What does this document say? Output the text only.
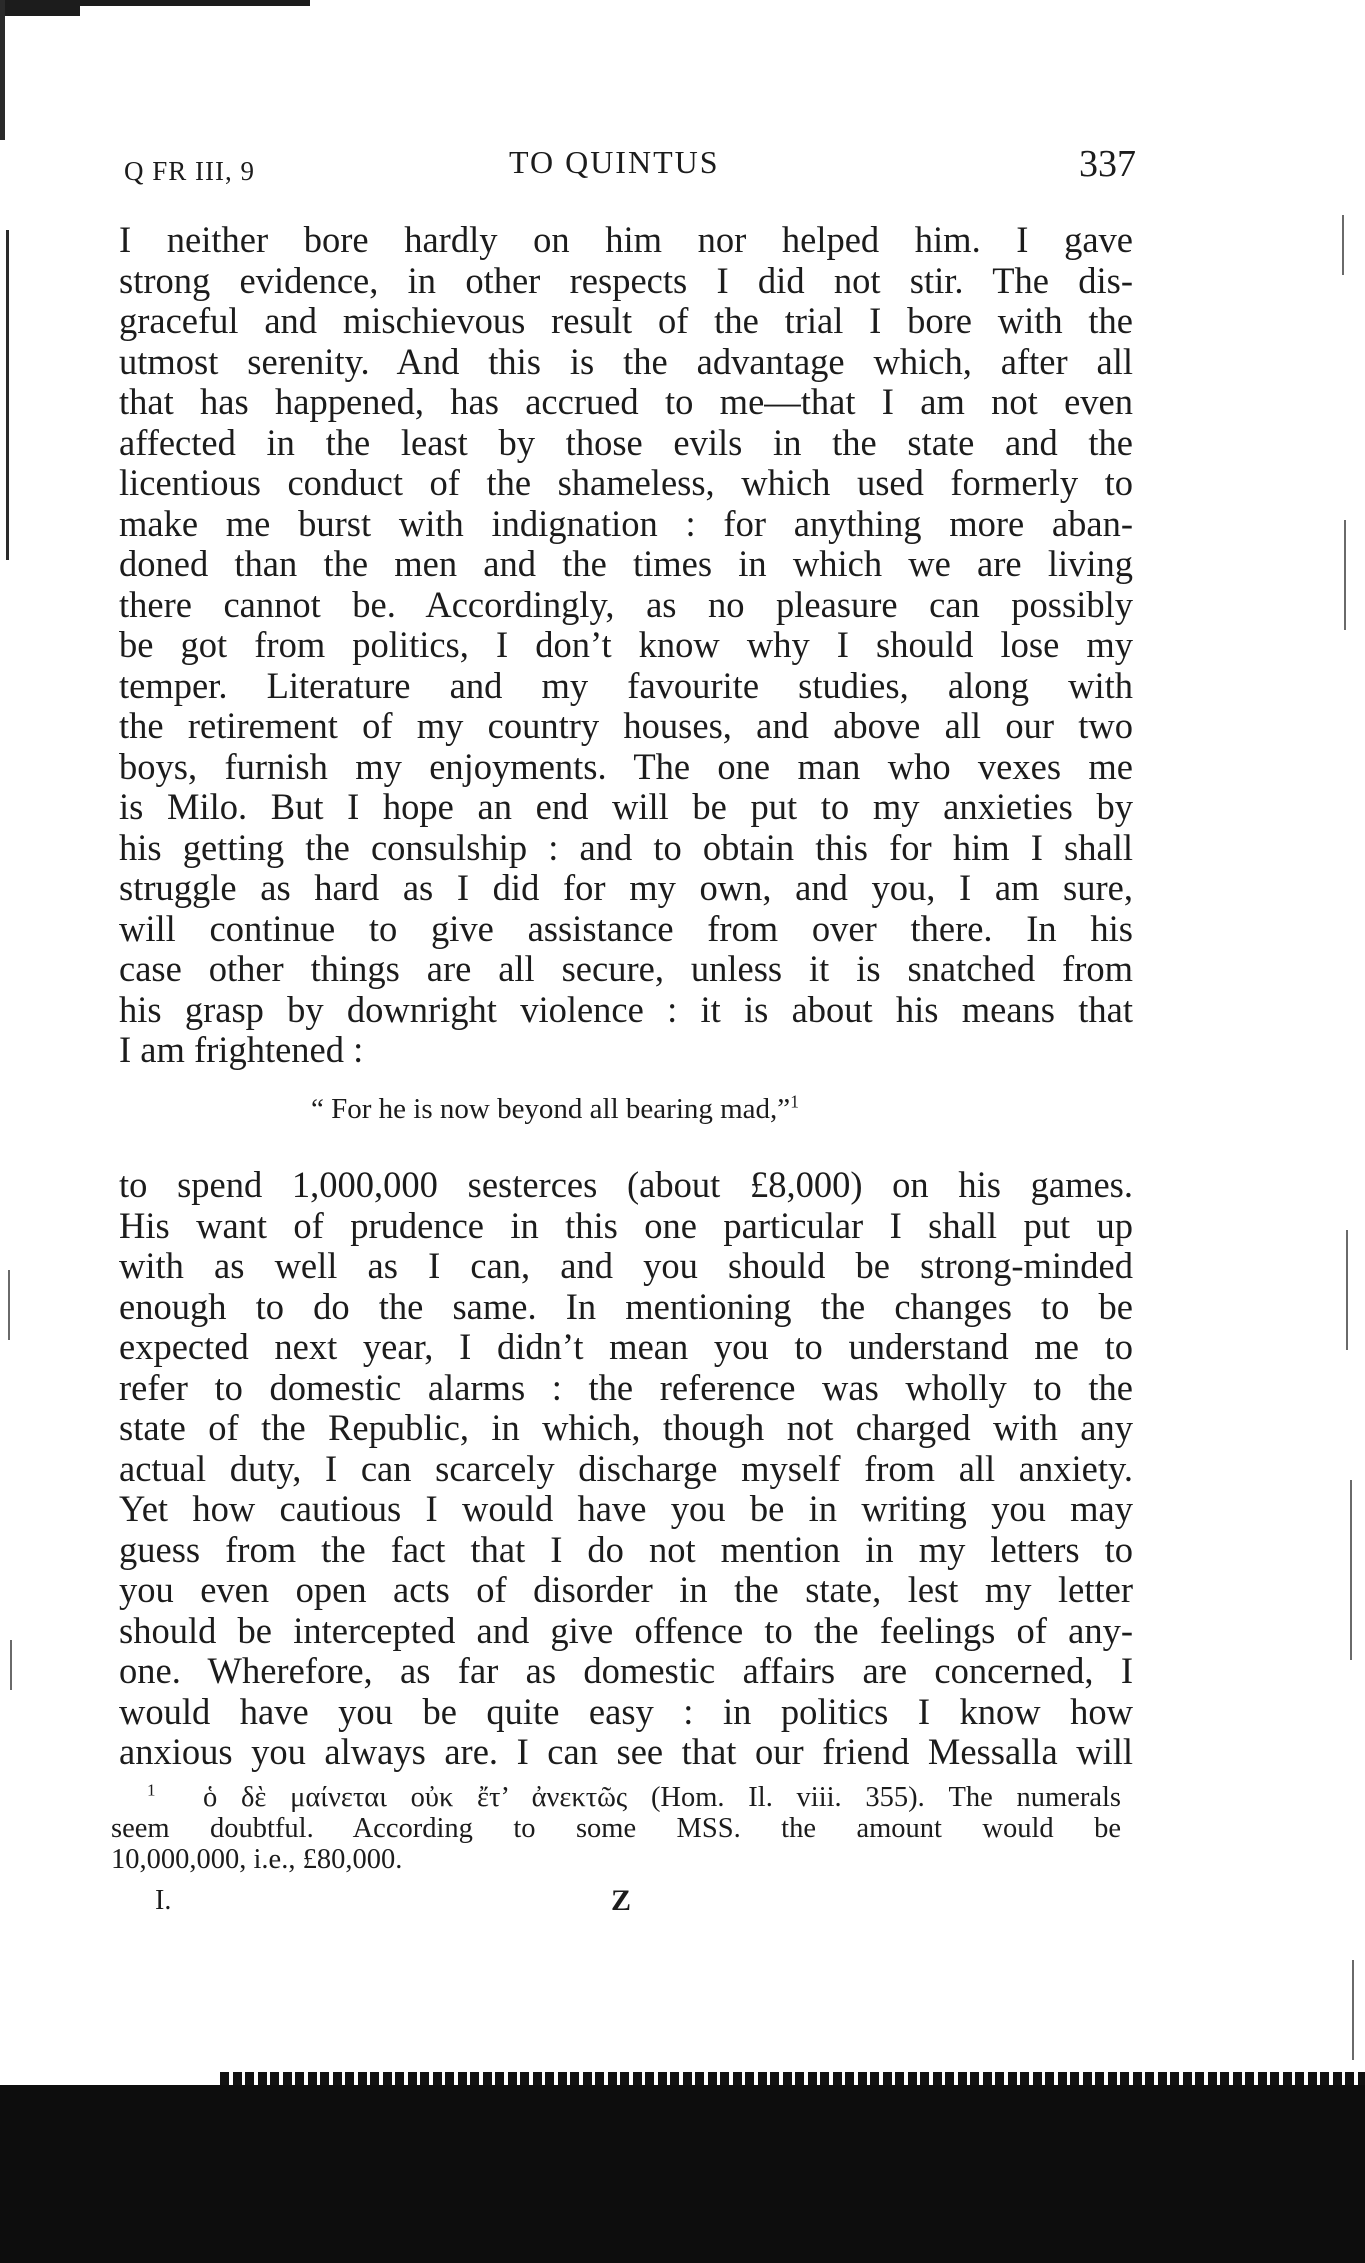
Q FR III, 9	TO QUINTUS	337
I neither bore hardly on him nor helped him. I gave
strong evidence, in other respects I did not stir. The dis-
graceful and mischievous result of the trial I bore with the
utmost serenity. And this is the advantage which, after all
that has happened, has accrued to me—that I am not even
affected in the least by those evils in the state and the
licentious conduct of the shameless, which used formerly to
make me burst with indignation : for anything more aban-
doned than the men and the times in which we are living
there cannot be. Accordingly, as no pleasure can possibly
be got from politics, I don’t know why I should lose my
temper. Literature and my favourite studies, along with
the retirement of my country houses, and above all our two
boys, furnish my enjoyments. The one man who vexes me
is Milo. But I hope an end will be put to my anxieties by
his getting the consulship : and to obtain this for him I shall
struggle as hard as I did for my own, and you, I am sure,
will continue to give assistance from over there. In his
case other things are all secure, unless it is snatched from
his grasp by downright violence : it is about his means that
I am frightened :
“ For he is now beyond all bearing mad,”$^1$
to spend 1,000,000 sesterces (about £8,000) on his games.
His want of prudence in this one particular I shall put up
with as well as I can, and you should be strong-minded
enough to do the same. In mentioning the changes to be
expected next year, I didn’t mean you to understand me to
refer to domestic alarms : the reference was wholly to the
state of the Republic, in which, though not charged with any
actual duty, I can scarcely discharge myself from all anxiety.
Yet how cautious I would have you be in writing you may
guess from the fact that I do not mention in my letters to
you even open acts of disorder in the state, lest my letter
should be intercepted and give offence to the feelings of any-
one. Wherefore, as far as domestic affairs are concerned, I
would have you be quite easy : in politics I know how
anxious you always are. I can see that our friend Messalla will
$^1$ ὁ δὲ μαίνεται οὐκ ἔτ’ ἀνεκτῶς (Hom. Il. viii. 355). The numerals
seem doubtful. According to some MSS. the amount would be
10,000,000, i.e., £80,000.
I.	Z
